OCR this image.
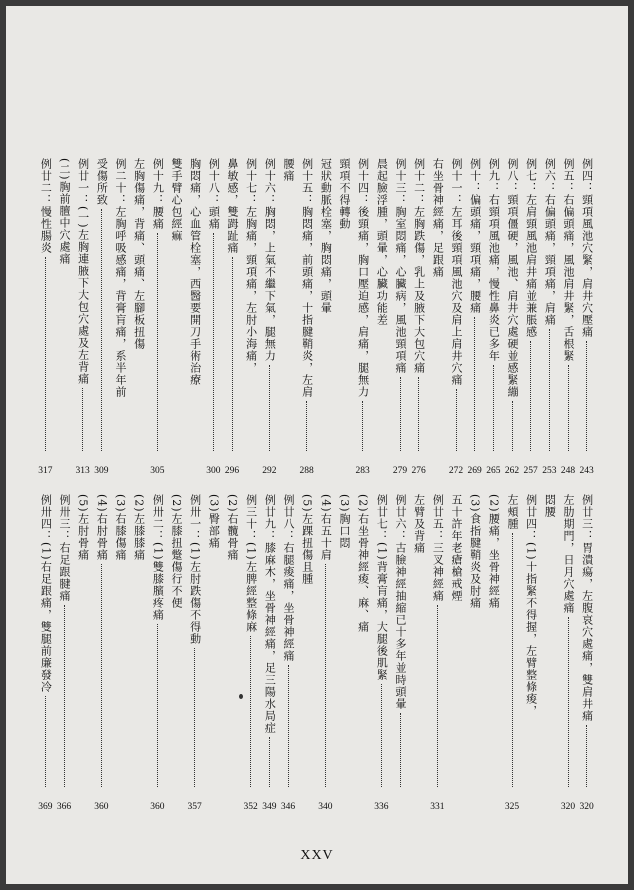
例四：頸項風池穴緊，肩井穴壓痛
243
例五：右偏頭痛，風池肩井緊，舌根緊
248
例六：右偏頭痛，頸項痛，肩痛
253
例七：左肩頸風池肩井痛並兼脹感
257
例八：頸項僵硬，風池、肩井穴處硬並感緊繃
262
例九：右頸項風池痛，慢性鼻炎已多年
265
例十：偏頭痛，頸項痛，腰痛
269
例十一：左耳後頸項風池穴及肩上肩井穴痛
272
右坐骨神經痛，足跟痛
例十二：左胸跌傷，乳上及腋下大包穴痛
276
例十三：胸室悶痛，心臟病，風池頸項痛
279
晨起臉浮腫，頭暈，心臟功能差
例十四：後頸痛，胸口壓迫感，肩痛，腿無力
283
頸項不得轉動
冠狀動脈栓塞，胸悶痛，頭暈
例十五：胸悶痛，前頭痛，十指腱鞘炎，左肩
288
腰痛
例十六：胸悶，上氣不繼下氣，腿無力
292
例十七：左胸痛，頸項痛，左肘小海痛，
鼻敏感，雙𧿹趾痛
296
例十八：頭痛
300
胸悶痛，心血管栓塞，西醫要開刀手術治療
雙手臂心包經痲
例十九：腰痛
305
左胸傷痛，背痛、頭痛、左腳板扭傷
例二十：左胸呼吸感痛，背膏肓痛，系半年前
受傷所致
309
例廿一：(一)左胸連腋下大包穴處及左背痛
313
(二)胸前膻中穴處痛
例廿二：慢性腸炎
317
例廿三：胃潰瘍，左腹哀穴處痛，雙肩井痛
320
左肋期門，日月穴處痛
320
悶腰
例廿四：(1)十指緊不得握，左臂整條痠，
左頰腫
325
(2)腰痛，坐骨神經痛
(3)食指腱鞘炎及肘痛
五十許年老瘡槍戒煙
例廿五：三叉神經痛
331
左臂及背痛
例廿六：古臉神經抽縮已十多年並時頭暈
例廿七：(1)背膏肓痛，大腿後肌緊
336
(2)右坐骨神經痠、麻、痛
(3)胸口悶
(4)右五十肩
340
(5)左踝扭傷且腫
例廿八：右腿痠痛，坐骨神經痛
346
例廿九：膝麻木，坐骨神經痛，足三陽水局症
349
例三十：(1)左脾經整條麻
352
(2)右髖骨痛
(3)臀部痛
例卅一：(1)左肘跌傷不得動
357
(2)左膝扭蹩傷行不便
例卅二：(1)雙膝臏疼痛
360
(2)左膝膝痛
(3)右膝傷痛
(4)右肘骨痛
360
(5)左肘骨痛
例卅三：右足跟腱痛
366
例卅四：(1)右足跟痛，雙腿前廉發冷
369
XXV
